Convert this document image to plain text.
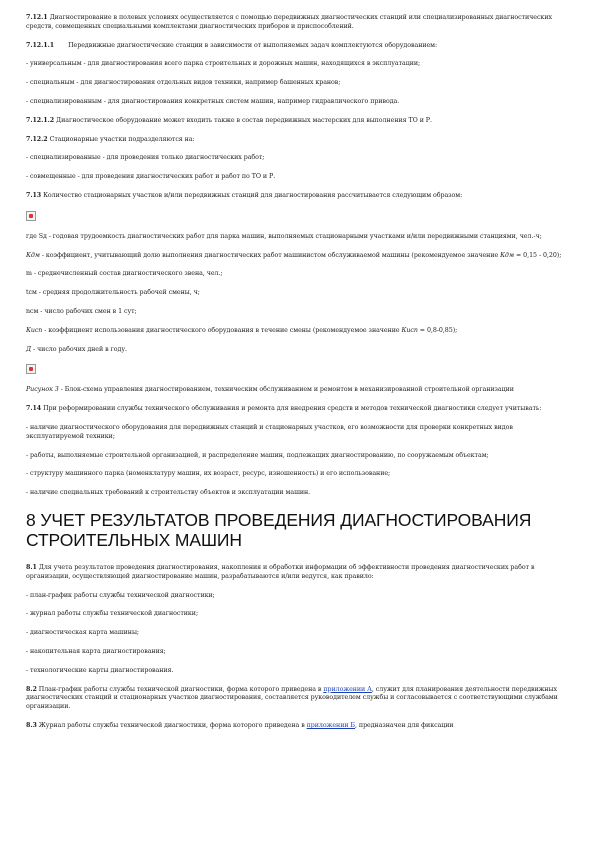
7.12.1 Диагностирование в полевых условиях осуществляется с помощью передвижных диагностических станций или специализированных диагностических средств, совмещенных специальными комплектами диагностических приборов и приспособлений.

7.12.1.1 Передвижные диагностические станции в зависимости от выполняемых задач комплектуются оборудованием:

- универсальным - для диагностирования всего парка строительных и дорожных машин, находящихся в эксплуатации;

- специальным - для диагностирования отдельных видов техники, например башенных кранов;

- специализированным - для диагностирования конкретных систем машин, например гидравлического привода.

7.12.1.2 Диагностическое оборудование может входить также в состав передвижных мастерских для выполнения ТО и Р.

7.12.2 Стационарные участки подразделяются на:

- специализированные - для проведения только диагностических работ;

- совмещенные - для проведения диагностических работ и работ по ТО и Р.

7.13 Количество стационарных участков и/или передвижных станций для диагностирования рассчитывается следующим образом:

где Sд - годовая трудоемкость диагностических работ для парка машин, выполняемых стационарными участками и/или передвижными станциями, чел.-ч;

Кдм - коэффициент, учитывающий долю выполнения диагностических работ машинистом обслуживаемой машины (рекомендуемое значение Кдм = 0,15 - 0,20);

m - среднечисленный состав диагностического звена, чел.;

tсм - средняя продолжительность рабочей смены, ч;

nсм - число рабочих смен в 1 сут;

Кисп - коэффициент использования диагностического оборудования в течение смены (рекомендуемое значение Кисп = 0,8-0,85);

Д - число рабочих дней в году.

Рисунок 3 - Блок-схема управления диагностированием, техническим обслуживанием и ремонтом в механизированной строительной организации

7.14 При реформировании службы технического обслуживания и ремонта для внедрения средств и методов технической диагностики следует учитывать:

- наличие диагностического оборудования для передвижных станций и стационарных участков, его возможности для проверки конкретных видов эксплуатируемой техники;

- работы, выполняемые строительной организацией, и распределение машин, подлежащих диагностированию, по сооружаемым объектам;

- структуру машинного парка (номенклатуру машин, их возраст, ресурс, изношенность) и его использование;

- наличие специальных требований к строительству объектов и эксплуатации машин.

8 УЧЕТ РЕЗУЛЬТАТОВ ПРОВЕДЕНИЯ ДИАГНОСТИРОВАНИЯ СТРОИТЕЛЬНЫХ МАШИН

8.1 Для учета результатов проведения диагностирования, накопления и обработки информации об эффективности проведения диагностических работ в организации, осуществляющей диагностирование машин, разрабатываются и/или ведутся, как правило:

- план-график работы службы технической диагностики;

- журнал работы службы технической диагностики;

- диагностическая карта машины;

- накопительная карта диагностирования;

- технологические карты диагностирования.

8.2 План-график работы службы технической диагностики, форма которого приведена в приложении А, служит для планирования деятельности передвижных диагностических станций и стационарных участков диагностирования, составляется руководителем службы и согласовывается с соответствующими службами организации.

8.3 Журнал работы службы технической диагностики, форма которого приведена в приложении Б, предназначен для фиксации
